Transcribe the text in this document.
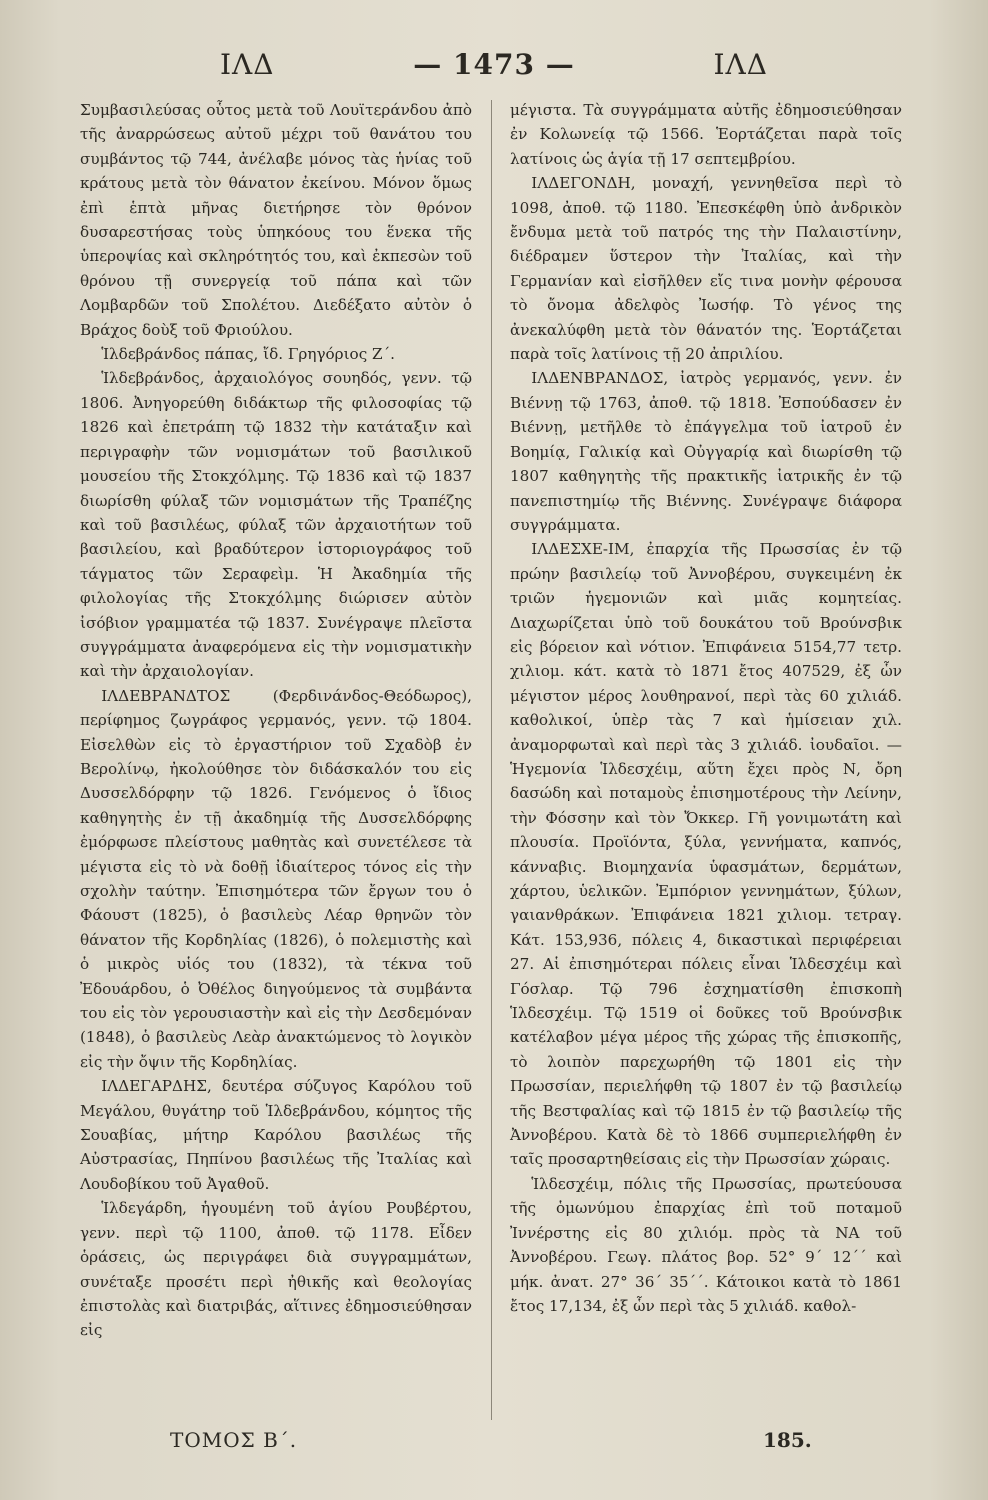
ΙΛΔ	— 1473 —	ΙΛΔ

Συμβασιλεύσας οὗτος μετὰ τοῦ Λουϊτεράνδου ἀπὸ τῆς ἀναρρώσεως αὐτοῦ μέχρι τοῦ θανάτου του συμβάντος τῷ 744, ἀνέλαβε μόνος τὰς ἡνίας τοῦ κράτους μετὰ τὸν θάνατον ἐκείνου. Μόνον ὅμως ἐπὶ ἑπτὰ μῆνας διετήρησε τὸν θρόνον δυσαρεστήσας τοὺς ὑπηκόους του ἕνεκα τῆς ὑπεροψίας καὶ σκληρότητός του, καὶ ἐκπεσὼν τοῦ θρόνου τῇ συνεργείᾳ τοῦ πάπα καὶ τῶν Λομβαρδῶν τοῦ Σπολέτου. Διεδέξατο αὐτὸν ὁ Βράχος δοὺξ τοῦ Φριούλου.

Ἱλδεβράνδος πάπας, ἴδ. Γρηγόριος Ζ΄.

Ἱλδεβράνδος, ἀρχαιολόγος σουηδός, γενν. τῷ 1806. Ἀνηγορεύθη διδάκτωρ τῆς φιλοσοφίας τῷ 1826 καὶ ἐπετράπη τῷ 1832 τὴν κατάταξιν καὶ περιγραφὴν τῶν νομισμάτων τοῦ βασιλικοῦ μουσείου τῆς Στοκχόλμης. Τῷ 1836 καὶ τῷ 1837 διωρίσθη φύλαξ τῶν νομισμάτων τῆς Τραπέζης καὶ τοῦ βασιλέως, φύλαξ τῶν ἀρχαιοτήτων τοῦ βασιλείου, καὶ βραδύτερον ἱστοριογράφος τοῦ τάγματος τῶν Σεραφεὶμ. Ἡ Ἀκαδημία τῆς φιλολογίας τῆς Στοκχόλμης διώρισεν αὐτὸν ἰσόβιον γραμματέα τῷ 1837. Συνέγραψε πλεῖστα συγγράμματα ἀναφερόμενα εἰς τὴν νομισματικὴν καὶ τὴν ἀρχαιολογίαν.

ΙΛΔΕΒΡΑΝΔΤΟΣ (Φερδινάνδος-Θεόδωρος), περίφημος ζωγράφος γερμανός, γενν. τῷ 1804. Εἰσελθὼν εἰς τὸ ἐργαστήριον τοῦ Σχαδὸβ ἐν Βερολίνῳ, ἠκολούθησε τὸν διδάσκαλόν του εἰς Δυσσελδόρφην τῷ 1826. Γενόμενος ὁ ἴδιος καθηγητὴς ἐν τῇ ἀκαδημίᾳ τῆς Δυσσελδόρφης ἐμόρφωσε πλείστους μαθητὰς καὶ συνετέλεσε τὰ μέγιστα εἰς τὸ νὰ δοθῇ ἰδιαίτερος τόνος εἰς τὴν σχολὴν ταύτην. Ἐπισημότερα τῶν ἔργων του ὁ Φάουστ (1825), ὁ βασιλεὺς Λέαρ θρηνῶν τὸν θάνατον τῆς Κορδηλίας (1826), ὁ πολεμιστὴς καὶ ὁ μικρὸς υἱός του (1832), τὰ τέκνα τοῦ Ἐδουάρδου, ὁ Ὀθέλος διηγούμενος τὰ συμβάντα του εἰς τὸν γερουσιαστὴν καὶ εἰς τὴν Δεσδεμόναν (1848), ὁ βασιλεὺς Λεὰρ ἀνακτώμενος τὸ λογικὸν εἰς τὴν ὄψιν τῆς Κορδηλίας.

ΙΛΔΕΓΑΡΔΗΣ, δευτέρα σύζυγος Καρόλου τοῦ Μεγάλου, θυγάτηρ τοῦ Ἱλδεβράνδου, κόμητος τῆς Σουαβίας, μήτηρ Καρόλου βασιλέως τῆς Αὐστρασίας, Πηπίνου βασιλέως τῆς Ἰταλίας καὶ Λουδοβίκου τοῦ Ἀγαθοῦ.

Ἱλδεγάρδη, ἡγουμένη τοῦ ἁγίου Ρουβέρτου, γενν. περὶ τῷ 1100, ἀποθ. τῷ 1178. Εἶδεν ὁράσεις, ὡς περιγράφει διὰ συγγραμμάτων, συνέταξε προσέτι περὶ ἠθικῆς καὶ θεολογίας ἐπιστολὰς καὶ διατριβάς, αἵτινες ἐδημοσιεύθησαν εἰς

μέγιστα. Τὰ συγγράμματα αὐτῆς ἐδημοσιεύθησαν ἐν Κολωνείᾳ τῷ 1566. Ἑορτάζεται παρὰ τοῖς λατίνοις ὡς ἁγία τῇ 17 σεπτεμβρίου.

ΙΛΔΕΓΟΝΔΗ, μοναχή, γεννηθεῖσα περὶ τὸ 1098, ἀποθ. τῷ 1180. Ἐπεσκέφθη ὑπὸ ἀνδρικὸν ἔνδυμα μετὰ τοῦ πατρός της τὴν Παλαιστίνην, διέδραμεν ὕστερον τὴν Ἰταλίας, καὶ τὴν Γερμανίαν καὶ εἰσῆλθεν εἴς τινα μονὴν φέρουσα τὸ ὄνομα ἀδελφὸς Ἰωσήφ. Τὸ γένος της ἀνεκαλύφθη μετὰ τὸν θάνατόν της. Ἑορτάζεται παρὰ τοῖς λατίνοις τῇ 20 ἀπριλίου.

ΙΛΔΕΝΒΡΑΝΔΟΣ, ἰατρὸς γερμανός, γενν. ἐν Βιέννῃ τῷ 1763, ἀποθ. τῷ 1818. Ἐσπούδασεν ἐν Βιέννῃ, μετῆλθε τὸ ἐπάγγελμα τοῦ ἰατροῦ ἐν Βοημίᾳ, Γαλικίᾳ καὶ Οὐγγαρίᾳ καὶ διωρίσθη τῷ 1807 καθηγητὴς τῆς πρακτικῆς ἰατρικῆς ἐν τῷ πανεπιστημίῳ τῆς Βιέννης. Συνέγραψε διάφορα συγγράμματα.

ΙΛΔΕΣΧΕ-ΙΜ, ἐπαρχία τῆς Πρωσσίας ἐν τῷ πρώην βασιλείῳ τοῦ Ἀννοβέρου, συγκειμένη ἐκ τριῶν ἡγεμονιῶν καὶ μιᾶς κομητείας. Διαχωρίζεται ὑπὸ τοῦ δουκάτου τοῦ Βρούνσβικ εἰς βόρειον καὶ νότιον. Ἐπιφάνεια 5154,77 τετρ. χιλιομ. κάτ. κατὰ τὸ 1871 ἔτος 407529, ἐξ ὧν μέγιστον μέρος λουθηρανοί, περὶ τὰς 60 χιλιάδ. καθολικοί, ὑπὲρ τὰς 7 καὶ ἡμίσειαν χιλ. ἀναμορφωταὶ καὶ περὶ τὰς 3 χιλιάδ. ἰουδαῖοι. — Ἡγεμονία Ἱλδεσχέιμ, αὕτη ἔχει πρὸς Ν, ὄρη δασώδη καὶ ποταμοὺς ἐπισημοτέρους τὴν Λείνην, τὴν Φόσσην καὶ τὸν Ὄκκερ. Γῆ γονιμωτάτη καὶ πλουσία. Προϊόντα, ξύλα, γεννήματα, καπνός, κάνναβις. Βιομηχανία ὑφασμάτων, δερμάτων, χάρτου, ὑελικῶν. Ἐμπόριον γεννημάτων, ξύλων, γαιανθράκων. Ἐπιφάνεια 1821 χιλιομ. τετραγ. Κάτ. 153,936, πόλεις 4, δικαστικαὶ περιφέρειαι 27. Αἱ ἐπισημότεραι πόλεις εἶναι Ἱλδεσχέιμ καὶ Γόσλαρ. Τῷ 796 ἐσχηματίσθη ἐπισκοπὴ Ἱλδεσχέιμ. Τῷ 1519 οἱ δοῦκες τοῦ Βρούνσβικ κατέλαβον μέγα μέρος τῆς χώρας τῆς ἐπισκοπῆς, τὸ λοιπὸν παρεχωρήθη τῷ 1801 εἰς τὴν Πρωσσίαν, περιελήφθη τῷ 1807 ἐν τῷ βασιλείῳ τῆς Βεστφαλίας καὶ τῷ 1815 ἐν τῷ βασιλείῳ τῆς Ἀννοβέρου. Κατὰ δὲ τὸ 1866 συμπεριελήφθη ἐν ταῖς προσαρτηθείσαις εἰς τὴν Πρωσσίαν χώραις.

Ἱλδεσχέιμ, πόλις τῆς Πρωσσίας, πρωτεύουσα τῆς ὁμωνύμου ἐπαρχίας ἐπὶ τοῦ ποταμοῦ Ἰννέρστης εἰς 80 χιλιόμ. πρὸς τὰ ΝΑ τοῦ Ἀννοβέρου. Γεωγ. πλάτος βορ. 52° 9΄ 12΄΄ καὶ μήκ. ἀνατ. 27° 36΄ 35΄΄. Κάτοικοι κατὰ τὸ 1861 ἔτος 17,134, ἐξ ὧν περὶ τὰς 5 χιλιάδ. καθολ-

ΤΟΜΟΣ Β΄.	185.
